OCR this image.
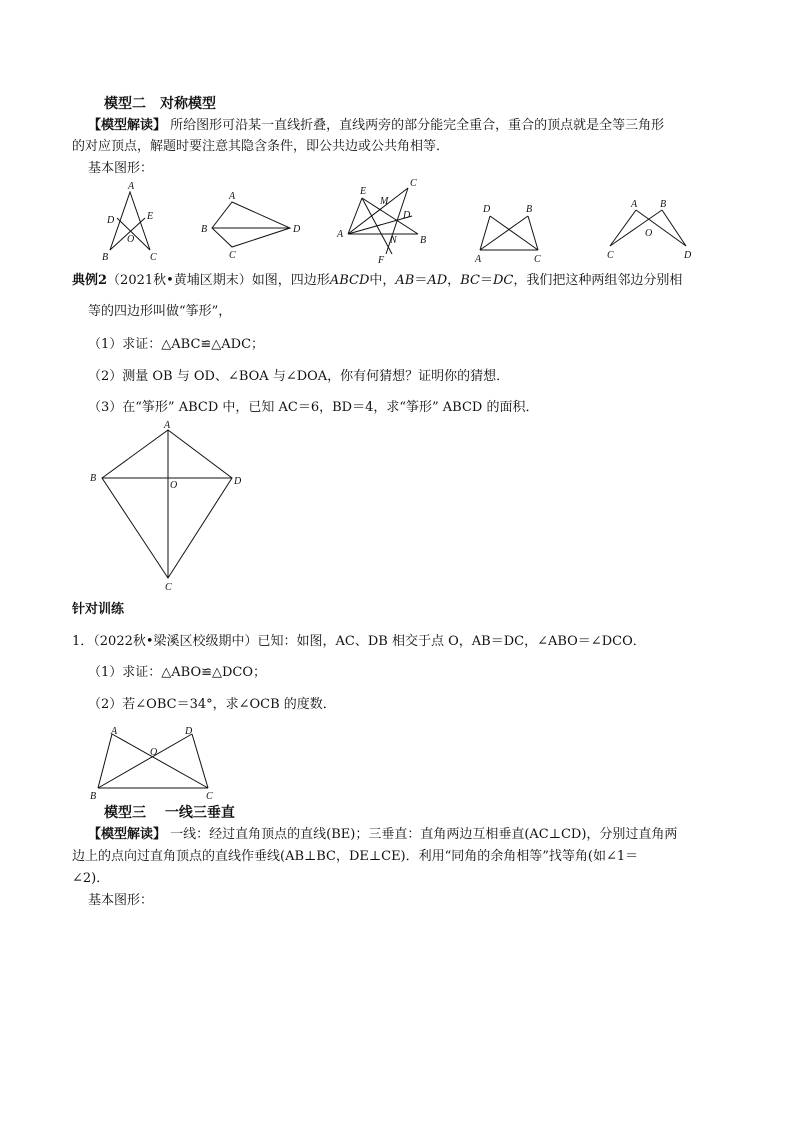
模型二　对称模型
【模型解读】 所给图形可沿某一直线折叠，直线两旁的部分能完全重合，重合的顶点就是全等三角形
的对应顶点，解题时要注意其隐含条件，即公共边或公共角相等．
基本图形：
A
D	E
O
B	C
A
B	D
C
E
C
M
D
A
N B
F
D	B
A	C
A B
O
C	D
典例2（2021秋•黄埔区期末）如图，四边形ABCD中，AB＝AD，BC＝DC，我们把这种两组邻边分别相
等的四边形叫做“筝形”，
（1）求证：△ABC≌△ADC；
（2）测量 OB 与 OD、∠BOA 与∠DOA，你有何猜想？证明你的猜想．
（3）在“筝形” ABCD 中，已知 AC＝6，BD＝4，求“筝形” ABCD 的面积．
A
B
O	D
C
针对训练
1．（2022秋•梁溪区校级期中）已知：如图，AC、DB 相交于点 O，AB＝DC，∠ABO＝∠DCO．
（1）求证：△ABO≌△DCO；
（2）若∠OBC＝34°，求∠OCB 的度数．
A	D
O
B	C
模型三　 一线三垂直
【模型解读】 一线：经过直角顶点的直线(BE)；三垂直：直角两边互相垂直(AC⊥CD)，分别过直角两
边上的点向过直角顶点的直线作垂线(AB⊥BC，DE⊥CE)．利用“同角的余角相等”找等角(如∠1＝
∠2)．
基本图形：
